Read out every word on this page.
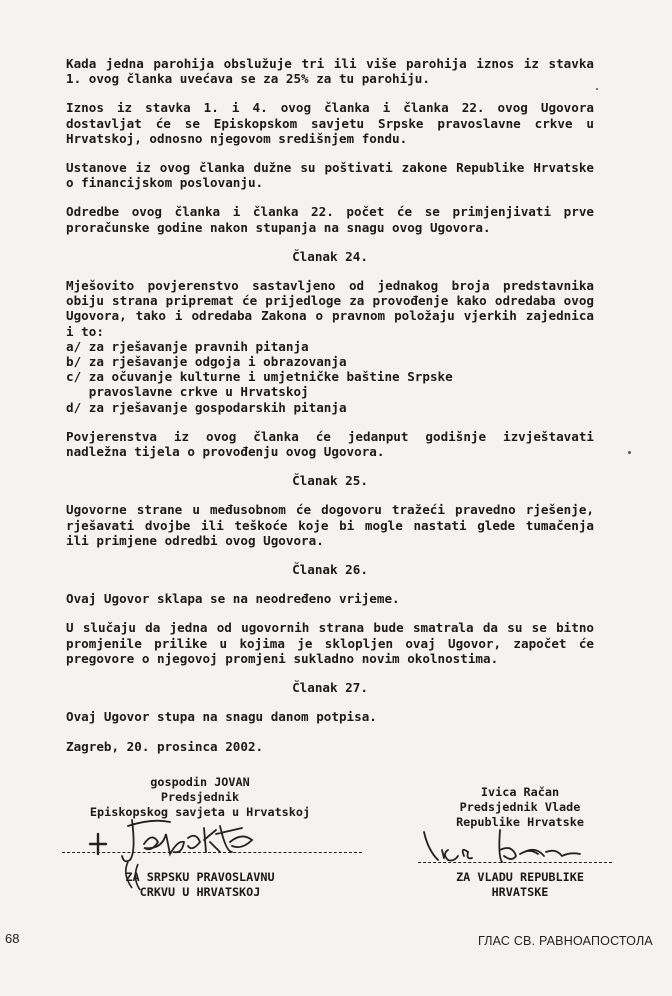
Kada jedna parohija obslužuje tri ili više parohija iznos iz stavka 1. ovog članka uvećava se za 25% za tu parohiju.

Iznos iz stavka 1. i 4. ovog članka i članka 22. ovog Ugovora dostavljat će se Episkopskom savjetu Srpske pravoslavne crkve u Hrvatskoj, odnosno njegovom središnjem fondu.

Ustanove iz ovog članka dužne su poštivati zakone Republike Hrvatske o financijskom poslovanju.

Odredbe ovog članka i članka 22. počet će se primjenjivati prve proračunske godine nakon stupanja na snagu ovog Ugovora.

Članak 24.

Mješovito povjerenstvo sastavljeno od jednakog broja predstavnika obiju strana pripremat će prijedloge za provođenje kako odredaba ovog Ugovora, tako i odredaba Zakona o pravnom položaju vjerkih zajednica i to:

a/ za rješavanje pravnih pitanja
b/ za rješavanje odgoja i obrazovanja
c/ za očuvanje kulturne i umjetničke baštine Srpske
pravoslavne crkve u Hrvatskoj
d/ za rješavanje gospodarskih pitanja

Povjerenstva iz ovog članka će jedanput godišnje izvještavati nadležna tijela o provođenju ovog Ugovora.

Članak 25.

Ugovorne strane u međusobnom će dogovoru tražeći pravedno rješenje, rješavati dvojbe ili teškoće koje bi mogle nastati glede tumačenja ili primjene odredbi ovog Ugovora.

Članak 26.

Ovaj Ugovor sklapa se na neodređeno vrijeme.

U slučaju da jedna od ugovornih strana bude smatrala da su se bitno promjenile prilike u kojima je sklopljen ovaj Ugovor, započet će pregovore o njegovoj promjeni sukladno novim okolnostima.

Članak 27.

Ovaj Ugovor stupa na snagu danom potpisa.

Zagreb, 20. prosinca 2002.

gospodin JOVAN
Predsjednik
Episkopskog savjeta u Hrvatskoj
ZA SRPSKU PRAVOSLAVNU
CRKVU U HRVATSKOJ
Ivica Račan
Predsjednik Vlade
Republike Hrvatske
ZA VLADU REPUBLIKE
HRVATSKE
68	ГЛАС СВ. РАВНОАПОСТОЛА
